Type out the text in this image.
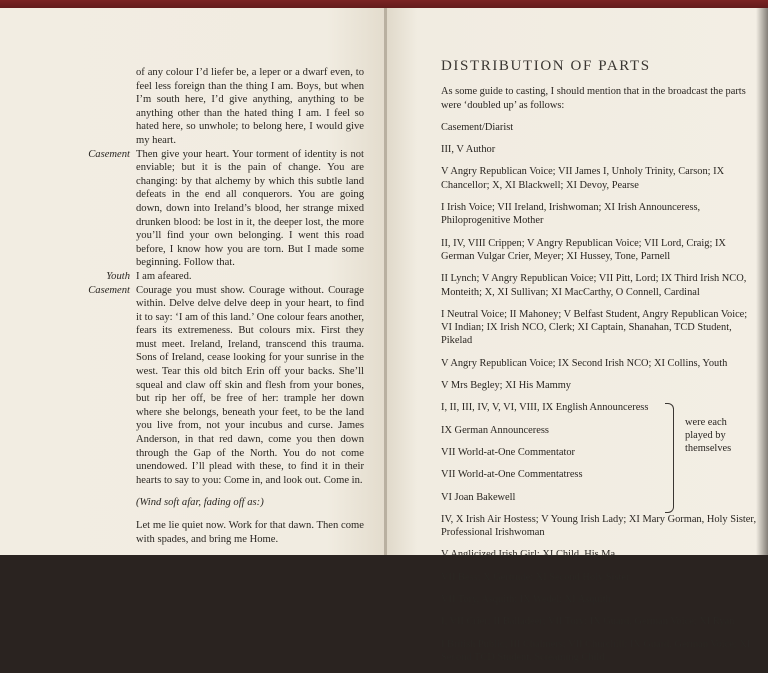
of any colour I’d liefer be, a leper or a dwarf even, to feel less foreign than the thing I am. Boys, but when I’m south here, I’d give anything, anything to be anything other than the hated thing I am. I feel so hated here, so unwhole; to belong here, I would give my heart.
Casement Then give your heart. Your torment of identity is not enviable; but it is the pain of change. You are changing: by that alchemy by which this subtle land defeats in the end all conquerors. You are going down, down into Ireland’s blood, her strange mixed drunken blood: be lost in it, the deeper lost, the more you’ll find your own belonging. I went this road before, I know how you are torn. But I made some beginning. Follow that.
Youth I am afeared.
Casement Courage you must show. Courage without. Courage within. Delve delve delve deep in your heart, to find it to say: ‘I am of this land.’ One colour fears another, fears its extremeness. But colours mix. First they must meet. Ireland, Ireland, transcend this trauma. Sons of Ireland, cease looking for your sunrise in the west. Tear this old bitch Erin off your backs. She’ll squeal and claw off skin and flesh from your bones, but rip her off, be free of her: trample her down where she belongs, beneath your feet, to be the land you live from, not your incubus and curse. James Anderson, in that red dawn, come you then down through the Gap of the North. You do not come unendowed. I’ll plead with these, to find it in their hearts to say to you: Come in, and look out. Come in.
(Wind soft afar, fading off as:)
Let me lie quiet now. Work for that dawn. Then come with spades, and bring me Home.
DISTRIBUTION OF PARTS
As some guide to casting, I should mention that in the broadcast the parts were ‘doubled up’ as follows:
Casement/Diarist
III, V Author
V Angry Republican Voice; VII James I, Unholy Trinity, Carson; IX Chancellor; X, XI Blackwell; XI Devoy, Pearse
I Irish Voice; VII Ireland, Irishwoman; XI Irish Announceress, Philoprogenitive Mother
II, IV, VIII Crippen; V Angry Republican Voice; VII Lord, Craig; IX German Vulgar Crier, Meyer; XI Hussey, Tone, Parnell
II Lynch; V Angry Republican Voice; VII Pitt, Lord; IX Third Irish NCO, Monteith; X, XI Sullivan; XI MacCarthy, O Connell, Cardinal
I Neutral Voice; II Mahoney; V Belfast Student, Angry Republican Voice; VI Indian; IX Irish NCO, Clerk; XI Captain, Shanahan, TCD Student, Pikelad
V Angry Republican Voice; IX Second Irish NCO; XI Collins, Youth
V Mrs Begley; XI His Mammy
I, II, III, IV, V, VI, VIII, IX English Announceress
IX German Announceress
VII World-at-One Commentator
VII World-at-One Commentatress
VI Joan Bakewell
were each played by themselves
IV, X Irish Air Hostess; V Young Irish Lady; XI Mary Gorman, Holy Sister, Professional Irishwoman
V Anglicized Irish Girl; XI Child, His Ma
VII Bess; X Gertrude; XI Second Holy Sister
VII Tory, Asquith; IX Wedel; XI Asquith
I, VII Crier; II Balladeer; VII Tory; IX Guard, German Voice; XI Ryan
I British Public; III Chalmers; VII Churchill; IX Guard, German Voice; XI Second TCD Student, Screaming Child
